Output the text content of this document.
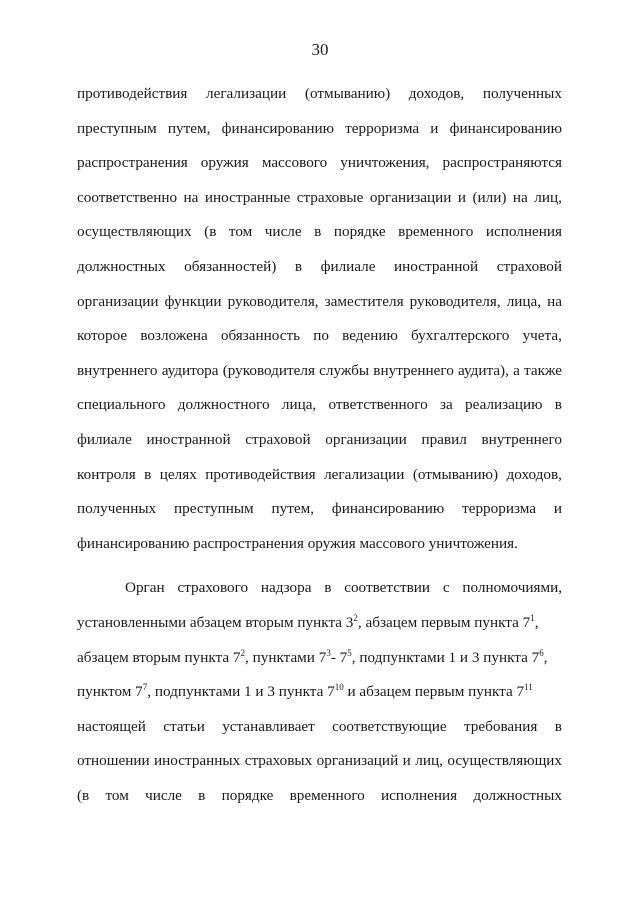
30
противодействия легализации (отмыванию) доходов, полученных
преступным путем, финансированию терроризма и финансированию
распространения оружия массового уничтожения, распространяются
соответственно на иностранные страховые организации и (или) на лиц,
осуществляющих (в том числе в порядке временного исполнения
должностных обязанностей) в филиале иностранной страховой
организации функции руководителя, заместителя руководителя, лица, на
которое возложена обязанность по ведению бухгалтерского учета,
внутреннего аудитора (руководителя службы внутреннего аудита), а также
специального должностного лица, ответственного за реализацию в
филиале иностранной страховой организации правил внутреннего
контроля в целях противодействия легализации (отмыванию) доходов,
полученных преступным путем, финансированию терроризма и
финансированию распространения оружия массового уничтожения.
Орган страхового надзора в соответствии с полномочиями,
установленными абзацем вторым пункта $3^2$, абзацем первым пункта $7^1$,
абзацем вторым пункта $7^2$, пунктами $7^3-$ $7^5$, подпунктами 1 и 3 пункта $7^6$,
пунктом $7^7$, подпунктами 1 и 3 пункта $7^{10}$ и абзацем первым пункта $7^{11}$
настоящей статьи устанавливает соответствующие требования в
отношении иностранных страховых организаций и лиц, осуществляющих
(в том числе в порядке временного исполнения должностных
